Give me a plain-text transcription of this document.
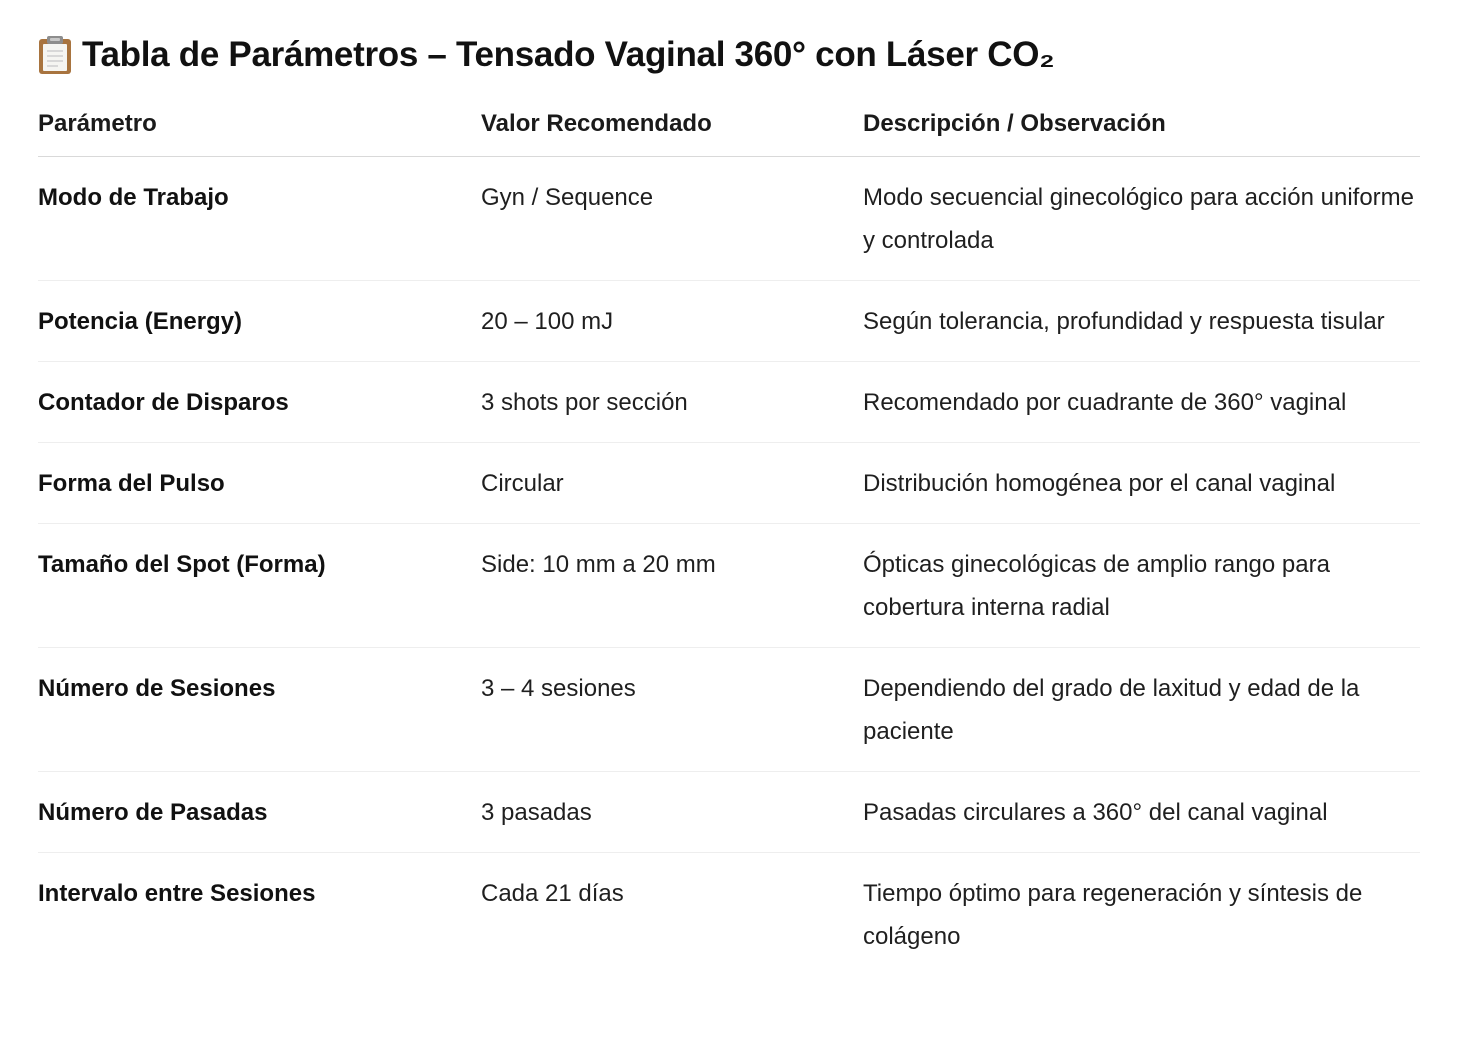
Tabla de Parámetros – Tensado Vaginal 360° con Láser CO₂
Parámetro	Valor Recomendado	Descripción / Observación
Modo de Trabajo	Gyn / Sequence	Modo secuencial ginecológico para acción uniforme y controlada
Potencia (Energy)	20 – 100 mJ	Según tolerancia, profundidad y respuesta tisular
Contador de Disparos	3 shots por sección	Recomendado por cuadrante de 360° vaginal
Forma del Pulso	Circular	Distribución homogénea por el canal vaginal
Tamaño del Spot (Forma)	Side: 10 mm a 20 mm	Ópticas ginecológicas de amplio rango para cobertura interna radial
Número de Sesiones	3 – 4 sesiones	Dependiendo del grado de laxitud y edad de la paciente
Número de Pasadas	3 pasadas	Pasadas circulares a 360° del canal vaginal
Intervalo entre Sesiones	Cada 21 días	Tiempo óptimo para regeneración y síntesis de colágeno
